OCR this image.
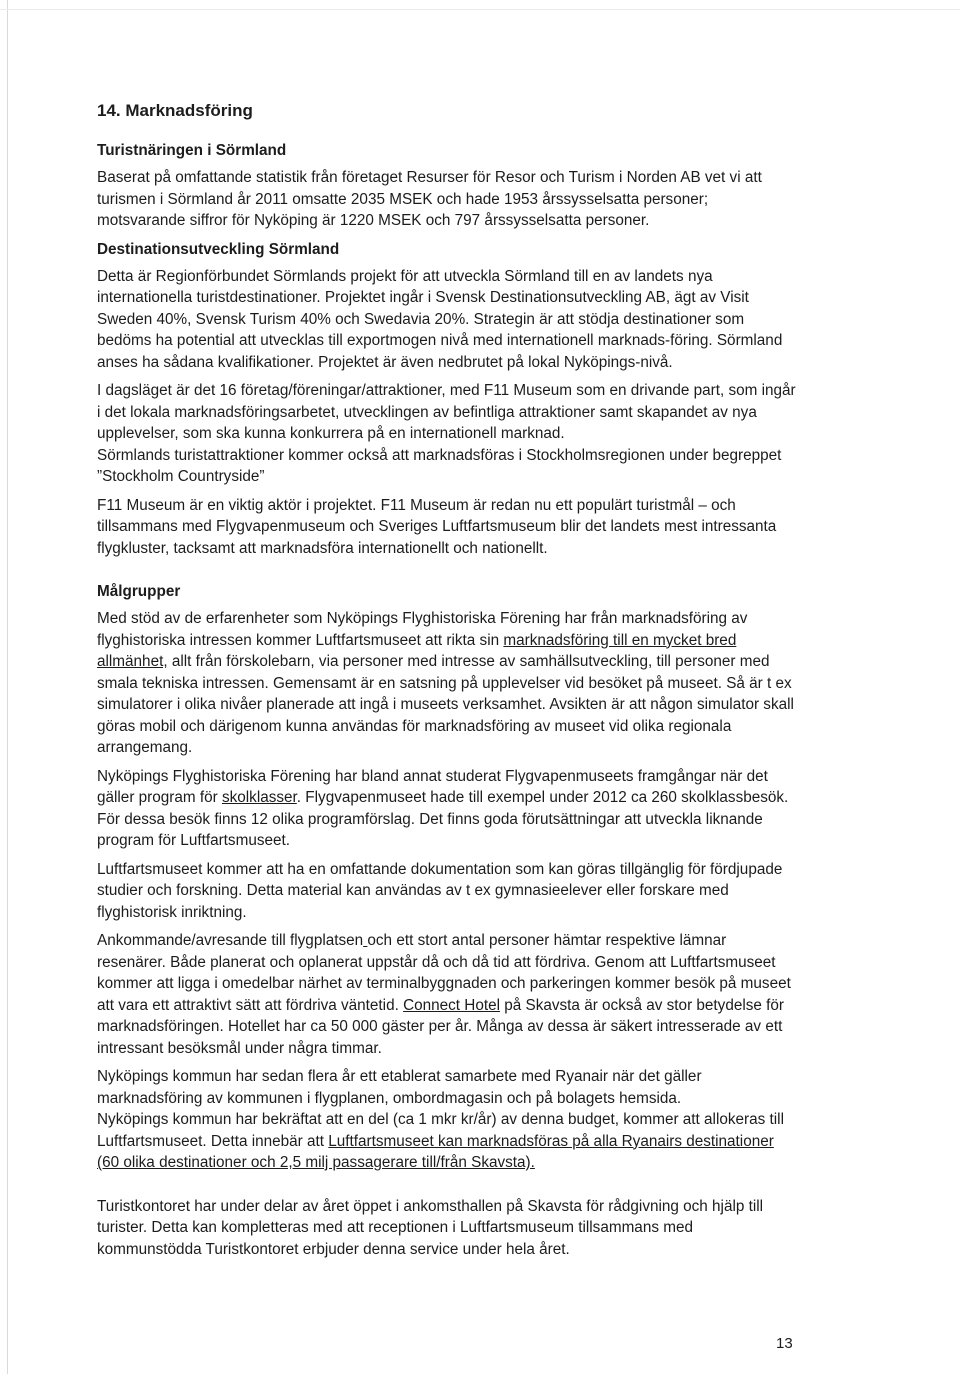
14. Marknadsföring
Turistnäringen i Sörmland

Baserat på omfattande statistik från företaget Resurser för Resor och Turism i Norden AB vet vi att turismen i Sörmland år 2011 omsatte 2035 MSEK och hade 1953 årssysselsatta personer; motsvarande siffror för Nyköping är 1220 MSEK och 797 årssysselsatta personer.

Destinationsutveckling Sörmland

Detta är Regionförbundet Sörmlands projekt för att utveckla Sörmland till en av landets nya internationella turistdestinationer. Projektet ingår i Svensk Destinationsutveckling AB, ägt av Visit Sweden 40%, Svensk Turism 40% och Swedavia 20%. Strategin är att stödja destinationer som bedöms ha potential att utvecklas till exportmogen nivå med internationell marknads-föring. Sörmland anses ha sådana kvalifikationer. Projektet är även nedbrutet på lokal Nyköpings-nivå.

I dagsläget är det 16 företag/föreningar/attraktioner, med F11 Museum som en drivande part, som ingår i det lokala marknadsföringsarbetet, utvecklingen av befintliga attraktioner samt skapandet av nya upplevelser, som ska kunna konkurrera på en internationell marknad.
Sörmlands turistattraktioner kommer också att marknadsföras i Stockholmsregionen under begreppet ”Stockholm Countryside”

F11 Museum är en viktig aktör i projektet. F11 Museum är redan nu ett populärt turistmål – och tillsammans med Flygvapenmuseum och Sveriges Luftfartsmuseum blir det landets mest intressanta flygkluster, tacksamt att marknadsföra internationellt och nationellt.

Målgrupper

Med stöd av de erfarenheter som Nyköpings Flyghistoriska Förening har från marknadsföring av flyghistoriska intressen kommer Luftfartsmuseet att rikta sin marknadsföring till en mycket bred allmänhet, allt från förskolebarn, via personer med intresse av samhällsutveckling, till personer med smala tekniska intressen. Gemensamt är en satsning på upplevelser vid besöket på museet. Så är t ex simulatorer i olika nivåer planerade att ingå i museets verksamhet. Avsikten är att någon simulator skall göras mobil och därigenom kunna användas för marknadsföring av museet vid olika regionala arrangemang.

Nyköpings Flyghistoriska Förening har bland annat studerat Flygvapenmuseets framgångar när det gäller program för skolklasser. Flygvapenmuseet hade till exempel under 2012 ca 260 skolklassbesök. För dessa besök finns 12 olika programförslag. Det finns goda förutsättningar att utveckla liknande program för Luftfartsmuseet.

Luftfartsmuseet kommer att ha en omfattande dokumentation som kan göras tillgänglig för fördjupade studier och forskning. Detta material kan användas av t ex gymnasieelever eller forskare med flyghistorisk inriktning.

Ankommande/avresande till flygplatsen och ett stort antal personer hämtar respektive lämnar resenärer. Både planerat och oplanerat uppstår då och då tid att fördriva. Genom att Luftfartsmuseet kommer att ligga i omedelbar närhet av terminalbyggnaden och parkeringen kommer besök på museet att vara ett attraktivt sätt att fördriva väntetid. Connect Hotel på Skavsta är också av stor betydelse för marknadsföringen. Hotellet har ca 50 000 gäster per år. Många av dessa är säkert intresserade av ett intressant besöksmål under några timmar.

Nyköpings kommun har sedan flera år ett etablerat samarbete med Ryanair när det gäller marknadsföring av kommunen i flygplanen, ombordmagasin och på bolagets hemsida.

Nyköpings kommun har bekräftat att en del (ca 1 mkr kr/år) av denna budget, kommer att allokeras till Luftfartsmuseet. Detta innebär att Luftfartsmuseet kan marknadsföras på alla Ryanairs destinationer (60 olika destinationer och 2,5 milj passagerare till/från Skavsta).

Turistkontoret har under delar av året öppet i ankomsthallen på Skavsta för rådgivning och hjälp till turister. Detta kan kompletteras med att receptionen i Luftfartsmuseum tillsammans med kommunstödda Turistkontoret erbjuder denna service under hela året.

13
